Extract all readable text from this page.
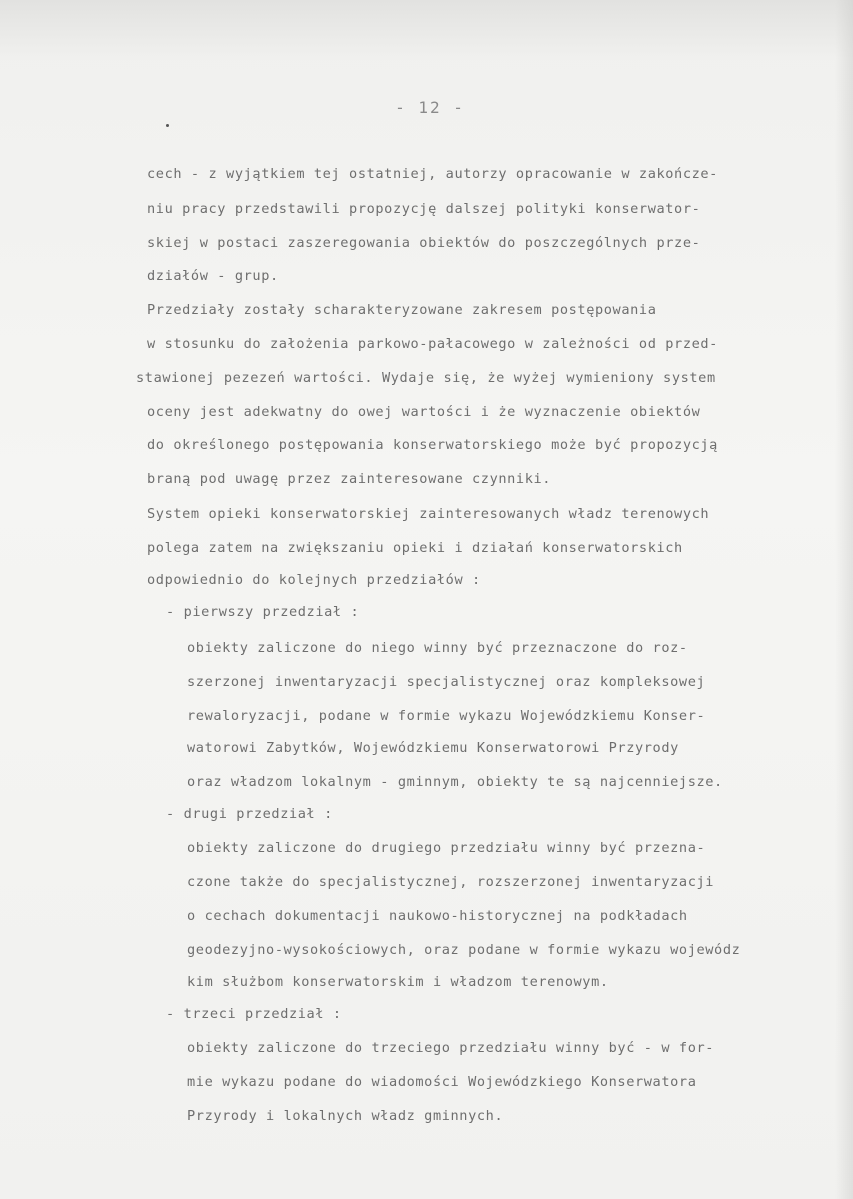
- 12 -
cech - z wyjątkiem tej ostatniej, autorzy opracowanie w zakończe-
niu pracy przedstawili propozycję dalszej polityki konserwator-
skiej w postaci zaszeregowania obiektów do poszczególnych prze-
działów - grup.
Przedziały zostały scharakteryzowane zakresem postępowania
w stosunku do założenia parkowo-pałacowego w zależności od przed-
stawionej pezezeń wartości. Wydaje się, że wyżej wymieniony system
oceny jest adekwatny do owej wartości i że wyznaczenie obiektów
do określonego postępowania konserwatorskiego może być propozycją
braną pod uwagę przez zainteresowane czynniki.
System opieki konserwatorskiej zainteresowanych władz terenowych
polega zatem na zwiększaniu opieki i działań konserwatorskich
odpowiednio do kolejnych przedziałów :
- pierwszy przedział :
obiekty zaliczone do niego winny być przeznaczone do roz-
szerzonej inwentaryzacji specjalistycznej oraz kompleksowej
rewaloryzacji, podane w formie wykazu Wojewódzkiemu Konser-
watorowi Zabytków, Wojewódzkiemu Konserwatorowi Przyrody
oraz władzom lokalnym - gminnym, obiekty te są najcenniejsze.
- drugi przedział :
obiekty zaliczone do drugiego przedziału winny być przezna-
czone także do specjalistycznej, rozszerzonej inwentaryzacji
o cechach dokumentacji naukowo-historycznej na podkładach
geodezyjno-wysokościowych, oraz podane w formie wykazu wojewódz
kim służbom konserwatorskim i władzom terenowym.
- trzeci przedział :
obiekty zaliczone do trzeciego przedziału winny być - w for-
mie wykazu podane do wiadomości Wojewódzkiego Konserwatora
Przyrody i lokalnych władz gminnych.
